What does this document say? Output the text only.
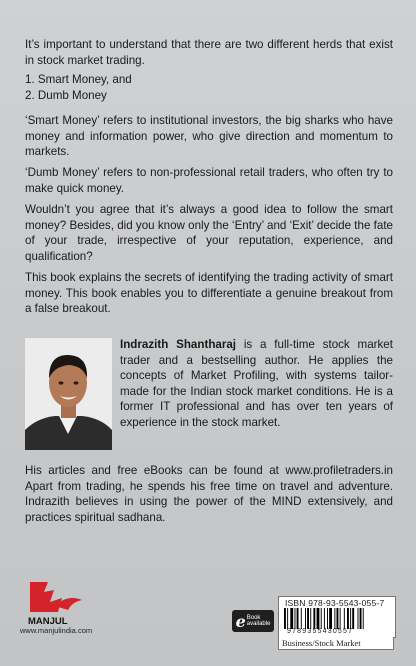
It’s important to understand that there are two different herds that exist in stock market trading.

1. Smart Money, and
2. Dumb Money

‘Smart Money’ refers to institutional investors, the big sharks who have money and information power, who give direction and momentum to markets.

‘Dumb Money’ refers to non-professional retail traders, who often try to make quick money.

Wouldn’t you agree that it’s always a good idea to follow the smart money? Besides, did you know only the ‘Entry’ and ‘Exit’ decide the fate of your trade, irrespective of your reputation, experience, and qualification?

This book explains the secrets of identifying the trading activity of smart money. This book enables you to differentiate a genuine breakout from a false breakout.

Indrazith Shantharaj is a full-time stock market trader and a bestselling author. He applies the concepts of Market Profiling, with systems tailor-made for the Indian stock market conditions. He is a former IT professional and has over ten years of experience in the stock market.

His articles and free eBooks can be found at www.profiletraders.in Apart from trading, he spends his free time on travel and adventure. Indrazith believes in using the power of the MIND extensively, and practices spiritual sadhana.

MANJUL
www.manjulindia.com	e Book
available
ISBN 978-93-5543-055-7
9789355430557
Business/Stock Market
